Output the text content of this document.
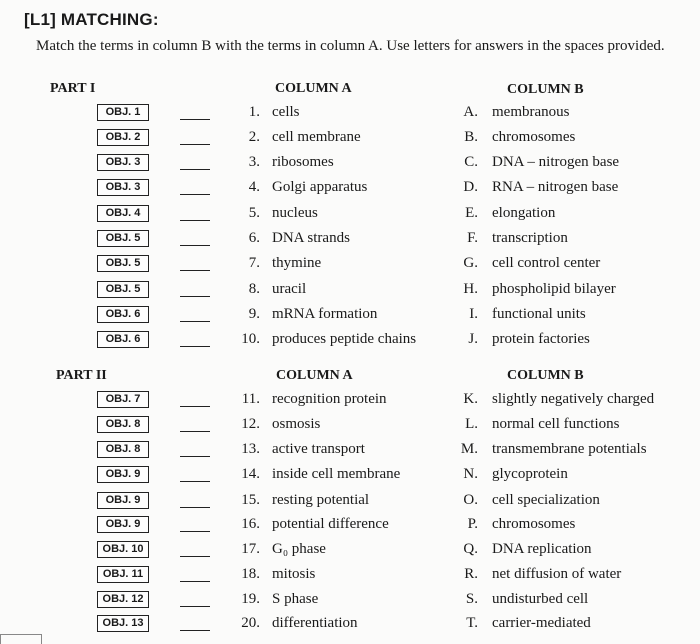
[L1] MATCHING:
Match the terms in column B with the terms in column A. Use letters for answers in the spaces provided.
PART I	COLUMN A	COLUMN B
PART II	COLUMN A	COLUMN B
OBJ. 1	1. cells	A. membranous
OBJ. 2	2. cell membrane	B. chromosomes
OBJ. 3	3. ribosomes	C. DNA – nitrogen base
OBJ. 3	4. Golgi apparatus	D. RNA – nitrogen base
OBJ. 4	5. nucleus	E. elongation
OBJ. 5	6. DNA strands	F. transcription
OBJ. 5	7. thymine	G. cell control center
OBJ. 5	8. uracil	H. phospholipid bilayer
OBJ. 6	9. mRNA formation	I. functional units
OBJ. 6	10. produces peptide chains	J. protein factories
OBJ. 7	11. recognition protein	K. slightly negatively charged
OBJ. 8	12. osmosis	L. normal cell functions
OBJ. 8	13. active transport	M. transmembrane potentials
OBJ. 9	14. inside cell membrane	N. glycoprotein
OBJ. 9	15. resting potential	O. cell specialization
OBJ. 9	16. potential difference	P. chromosomes
OBJ. 10	17. G₀ phase	Q. DNA replication
OBJ. 11	18. mitosis	R. net diffusion of water
OBJ. 12	19. S phase	S. undisturbed cell
OBJ. 13	20. differentiation	T. carrier-mediated
